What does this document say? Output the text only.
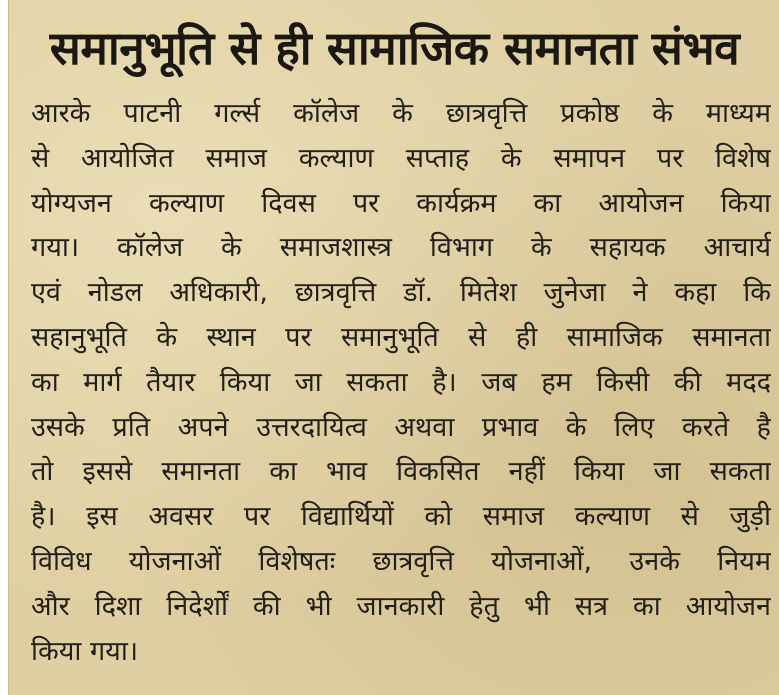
समानुभूति से ही सामाजिक समानता संभव
आरके पाटनी गर्ल्स कॉलेज के छात्रवृत्ति प्रकोष्ठ के माध्यम
से आयोजित समाज कल्याण सप्ताह के समापन पर विशेष
योग्यजन कल्याण दिवस पर कार्यक्रम का आयोजन किया
गया। कॉलेज के समाजशास्त्र विभाग के सहायक आचार्य
एवं नोडल अधिकारी, छात्रवृत्ति डॉ. मितेश जुनेजा ने कहा कि
सहानुभूति के स्थान पर समानुभूति से ही सामाजिक समानता
का मार्ग तैयार किया जा सकता है। जब हम किसी की मदद
उसके प्रति अपने उत्तरदायित्व अथवा प्रभाव के लिए करते है
तो इससे समानता का भाव विकसित नहीं किया जा सकता
है। इस अवसर पर विद्यार्थियों को समाज कल्याण से जुड़ी
विविध योजनाओं विशेषतः छात्रवृत्ति योजनाओं, उनके नियम
और दिशा निदेर्शों की भी जानकारी हेतु भी सत्र का आयोजन
किया गया।
